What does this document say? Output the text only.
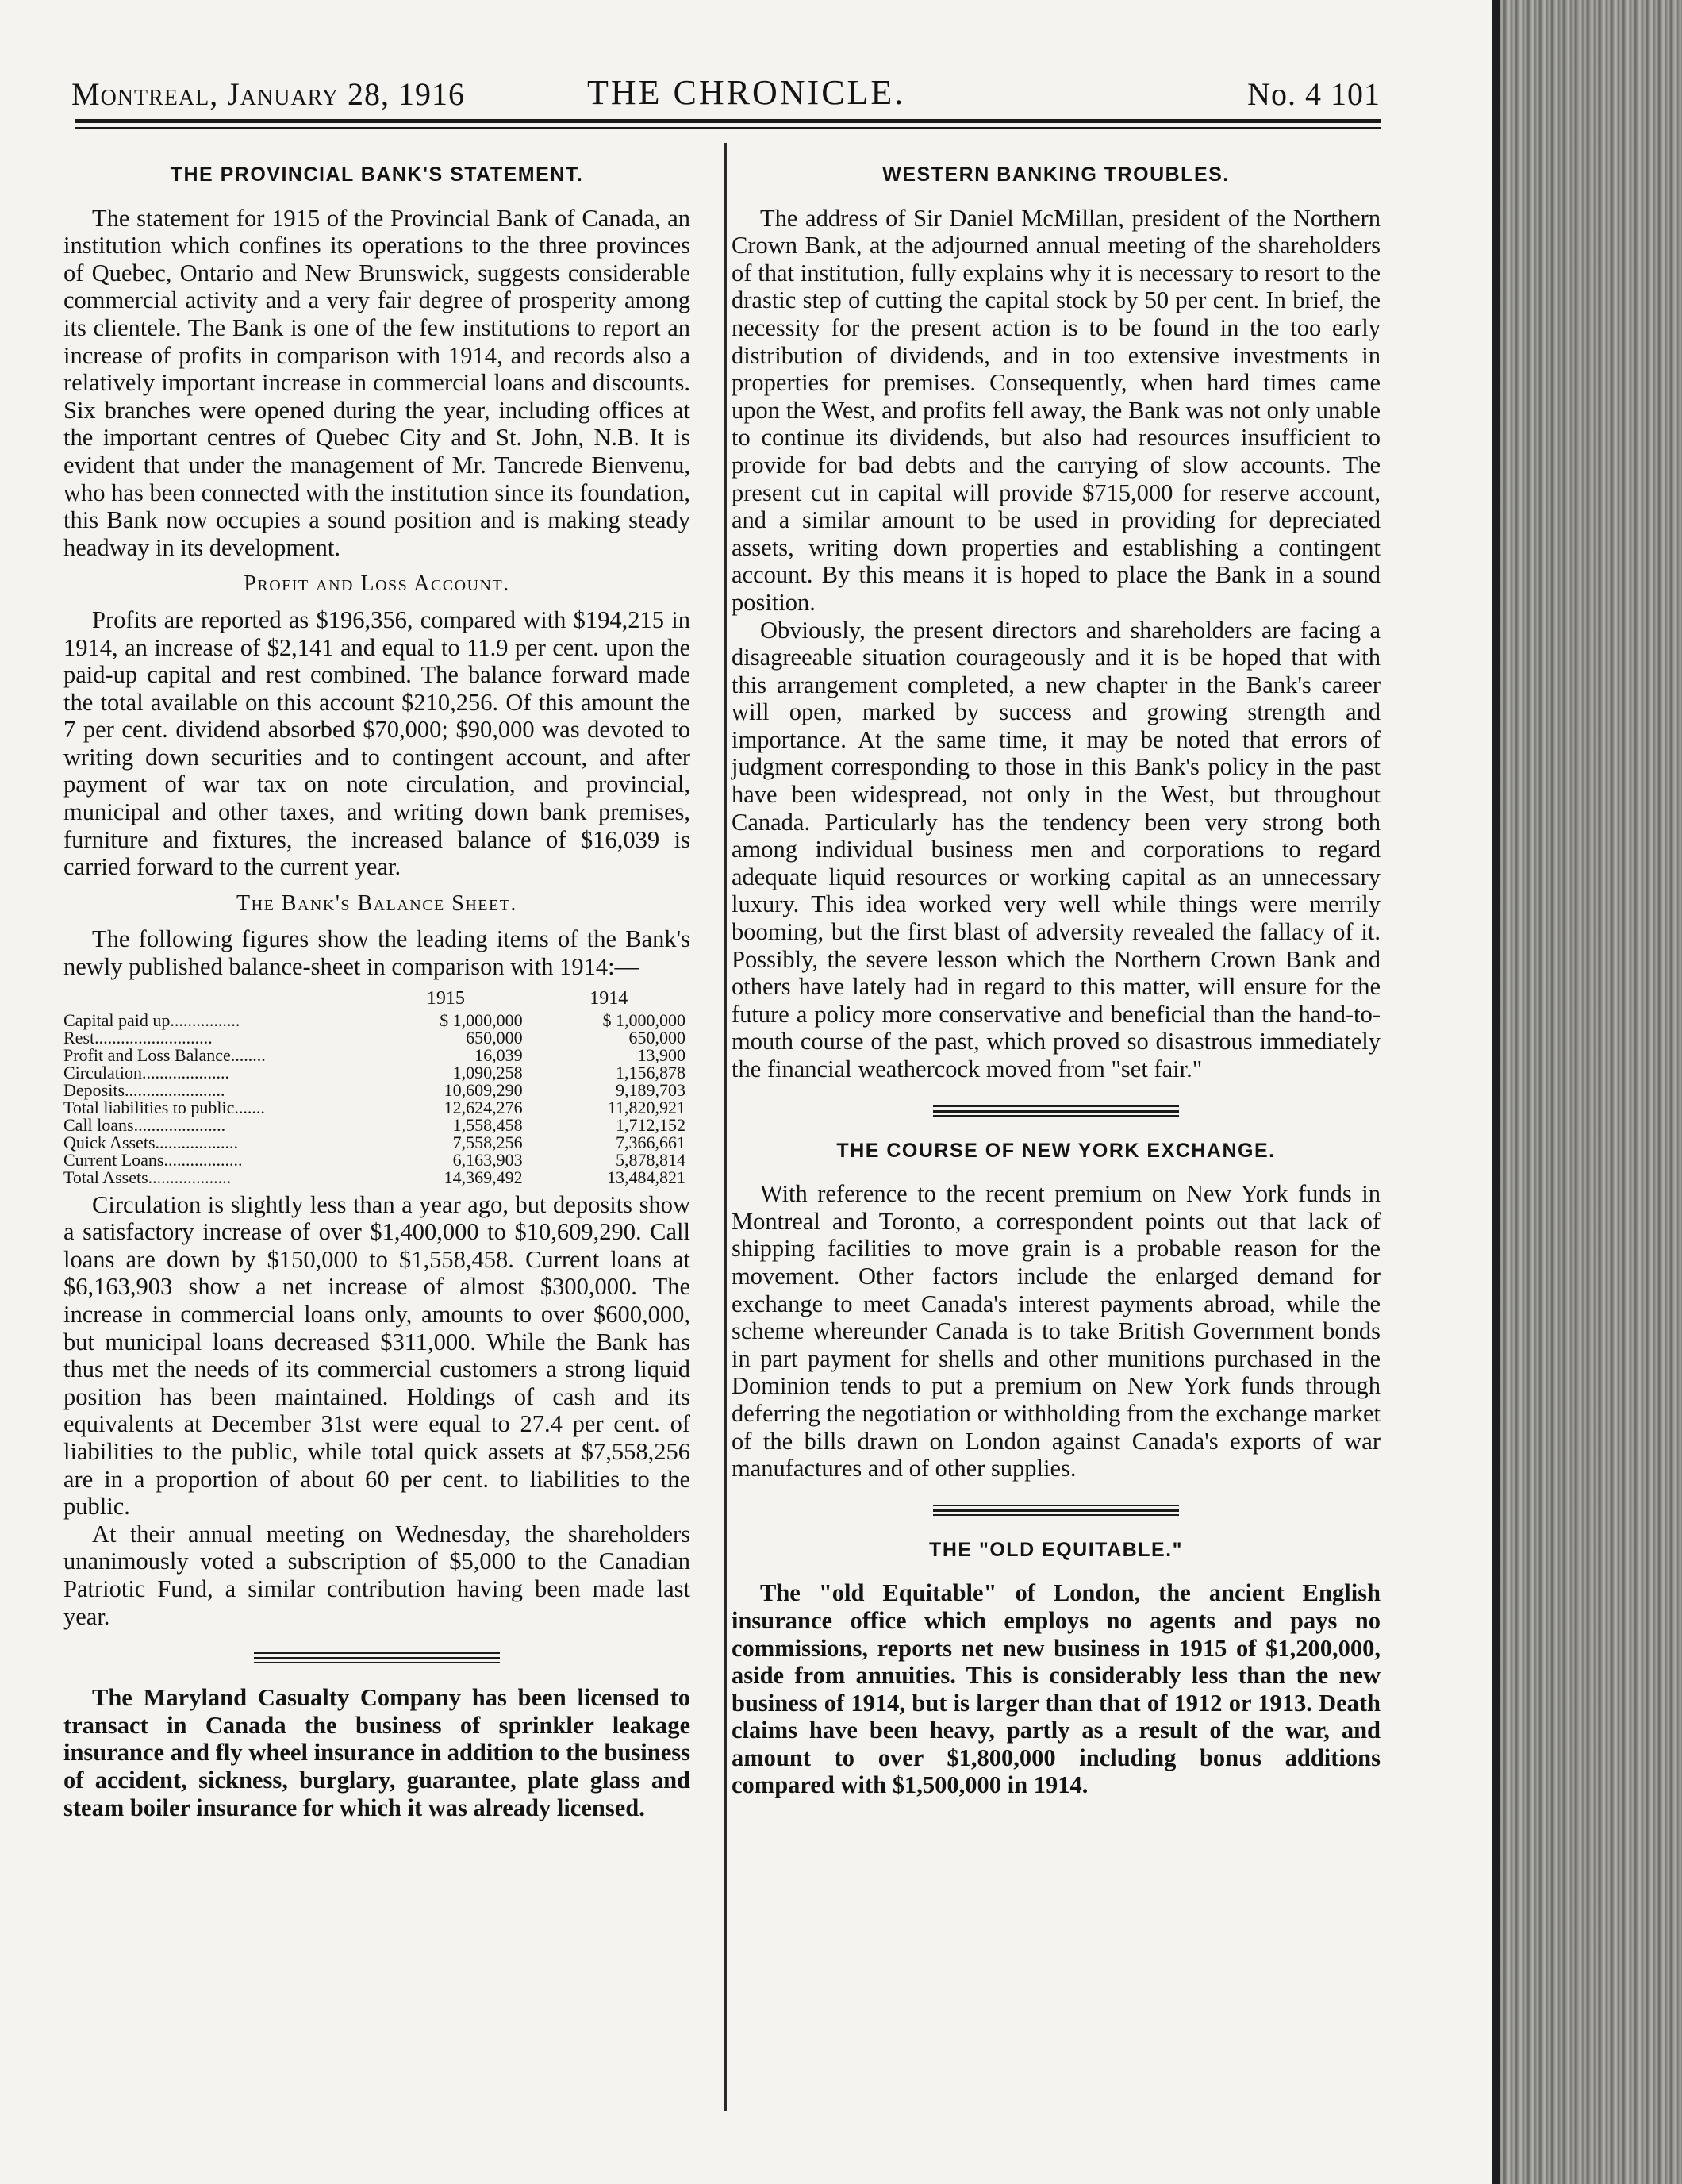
Montreal, January 28, 1916	THE CHRONICLE.	No. 4 101
THE PROVINCIAL BANK'S STATEMENT.

The statement for 1915 of the Provincial Bank of Canada, an institution which confines its operations to the three provinces of Quebec, Ontario and New Brunswick, suggests considerable commercial activity and a very fair degree of prosperity among its clientele. The Bank is one of the few institutions to report an increase of profits in comparison with 1914, and records also a relatively important increase in commercial loans and discounts. Six branches were opened during the year, including offices at the important centres of Quebec City and St. John, N.B. It is evident that under the management of Mr. Tancrede Bienvenu, who has been connected with the institution since its foundation, this Bank now occupies a sound position and is making steady headway in its development.

Profit and Loss Account.

Profits are reported as $196,356, compared with $194,215 in 1914, an increase of $2,141 and equal to 11.9 per cent. upon the paid-up capital and rest combined. The balance forward made the total available on this account $210,256. Of this amount the 7 per cent. dividend absorbed $70,000; $90,000 was devoted to writing down securities and to contingent account, and after payment of war tax on note circulation, and provincial, municipal and other taxes, and writing down bank premises, furniture and fixtures, the increased balance of $16,039 is carried forward to the current year.

The Bank's Balance Sheet.

The following figures show the leading items of the Bank's newly published balance-sheet in comparison with 1914:—

	1915	1914
Capital paid up................	$ 1,000,000	$ 1,000,000
Rest...........................	650,000	650,000
Profit and Loss Balance........	16,039	13,900
Circulation....................	1,090,258	1,156,878
Deposits.......................	10,609,290	9,189,703
Total liabilities to public.......	12,624,276	11,820,921
Call loans.....................	1,558,458	1,712,152
Quick Assets...................	7,558,256	7,366,661
Current Loans..................	6,163,903	5,878,814
Total Assets...................	14,369,492	13,484,821

Circulation is slightly less than a year ago, but deposits show a satisfactory increase of over $1,400,000 to $10,609,290. Call loans are down by $150,000 to $1,558,458. Current loans at $6,163,903 show a net increase of almost $300,000. The increase in commercial loans only, amounts to over $600,000, but municipal loans decreased $311,000. While the Bank has thus met the needs of its commercial customers a strong liquid position has been maintained. Holdings of cash and its equivalents at December 31st were equal to 27.4 per cent. of liabilities to the public, while total quick assets at $7,558,256 are in a proportion of about 60 per cent. to liabilities to the public.

At their annual meeting on Wednesday, the shareholders unanimously voted a subscription of $5,000 to the Canadian Patriotic Fund, a similar contribution having been made last year.

The Maryland Casualty Company has been licensed to transact in Canada the business of sprinkler leakage insurance and fly wheel insurance in addition to the business of accident, sickness, burglary, guarantee, plate glass and steam boiler insurance for which it was already licensed.

WESTERN BANKING TROUBLES.

The address of Sir Daniel McMillan, president of the Northern Crown Bank, at the adjourned annual meeting of the shareholders of that institution, fully explains why it is necessary to resort to the drastic step of cutting the capital stock by 50 per cent. In brief, the necessity for the present action is to be found in the too early distribution of dividends, and in too extensive investments in properties for premises. Consequently, when hard times came upon the West, and profits fell away, the Bank was not only unable to continue its dividends, but also had resources insufficient to provide for bad debts and the carrying of slow accounts. The present cut in capital will provide $715,000 for reserve account, and a similar amount to be used in providing for depreciated assets, writing down properties and establishing a contingent account. By this means it is hoped to place the Bank in a sound position.

Obviously, the present directors and shareholders are facing a disagreeable situation courageously and it is be hoped that with this arrangement completed, a new chapter in the Bank's career will open, marked by success and growing strength and importance. At the same time, it may be noted that errors of judgment corresponding to those in this Bank's policy in the past have been widespread, not only in the West, but throughout Canada. Particularly has the tendency been very strong both among individual business men and corporations to regard adequate liquid resources or working capital as an unnecessary luxury. This idea worked very well while things were merrily booming, but the first blast of adversity revealed the fallacy of it. Possibly, the severe lesson which the Northern Crown Bank and others have lately had in regard to this matter, will ensure for the future a policy more conservative and beneficial than the hand-to-mouth course of the past, which proved so disastrous immediately the financial weathercock moved from "set fair."

THE COURSE OF NEW YORK EXCHANGE.

With reference to the recent premium on New York funds in Montreal and Toronto, a correspondent points out that lack of shipping facilities to move grain is a probable reason for the movement. Other factors include the enlarged demand for exchange to meet Canada's interest payments abroad, while the scheme whereunder Canada is to take British Government bonds in part payment for shells and other munitions purchased in the Dominion tends to put a premium on New York funds through deferring the negotiation or withholding from the exchange market of the bills drawn on London against Canada's exports of war manufactures and of other supplies.

THE "OLD EQUITABLE."

The "old Equitable" of London, the ancient English insurance office which employs no agents and pays no commissions, reports net new business in 1915 of $1,200,000, aside from annuities. This is considerably less than the new business of 1914, but is larger than that of 1912 or 1913. Death claims have been heavy, partly as a result of the war, and amount to over $1,800,000 including bonus additions compared with $1,500,000 in 1914.
